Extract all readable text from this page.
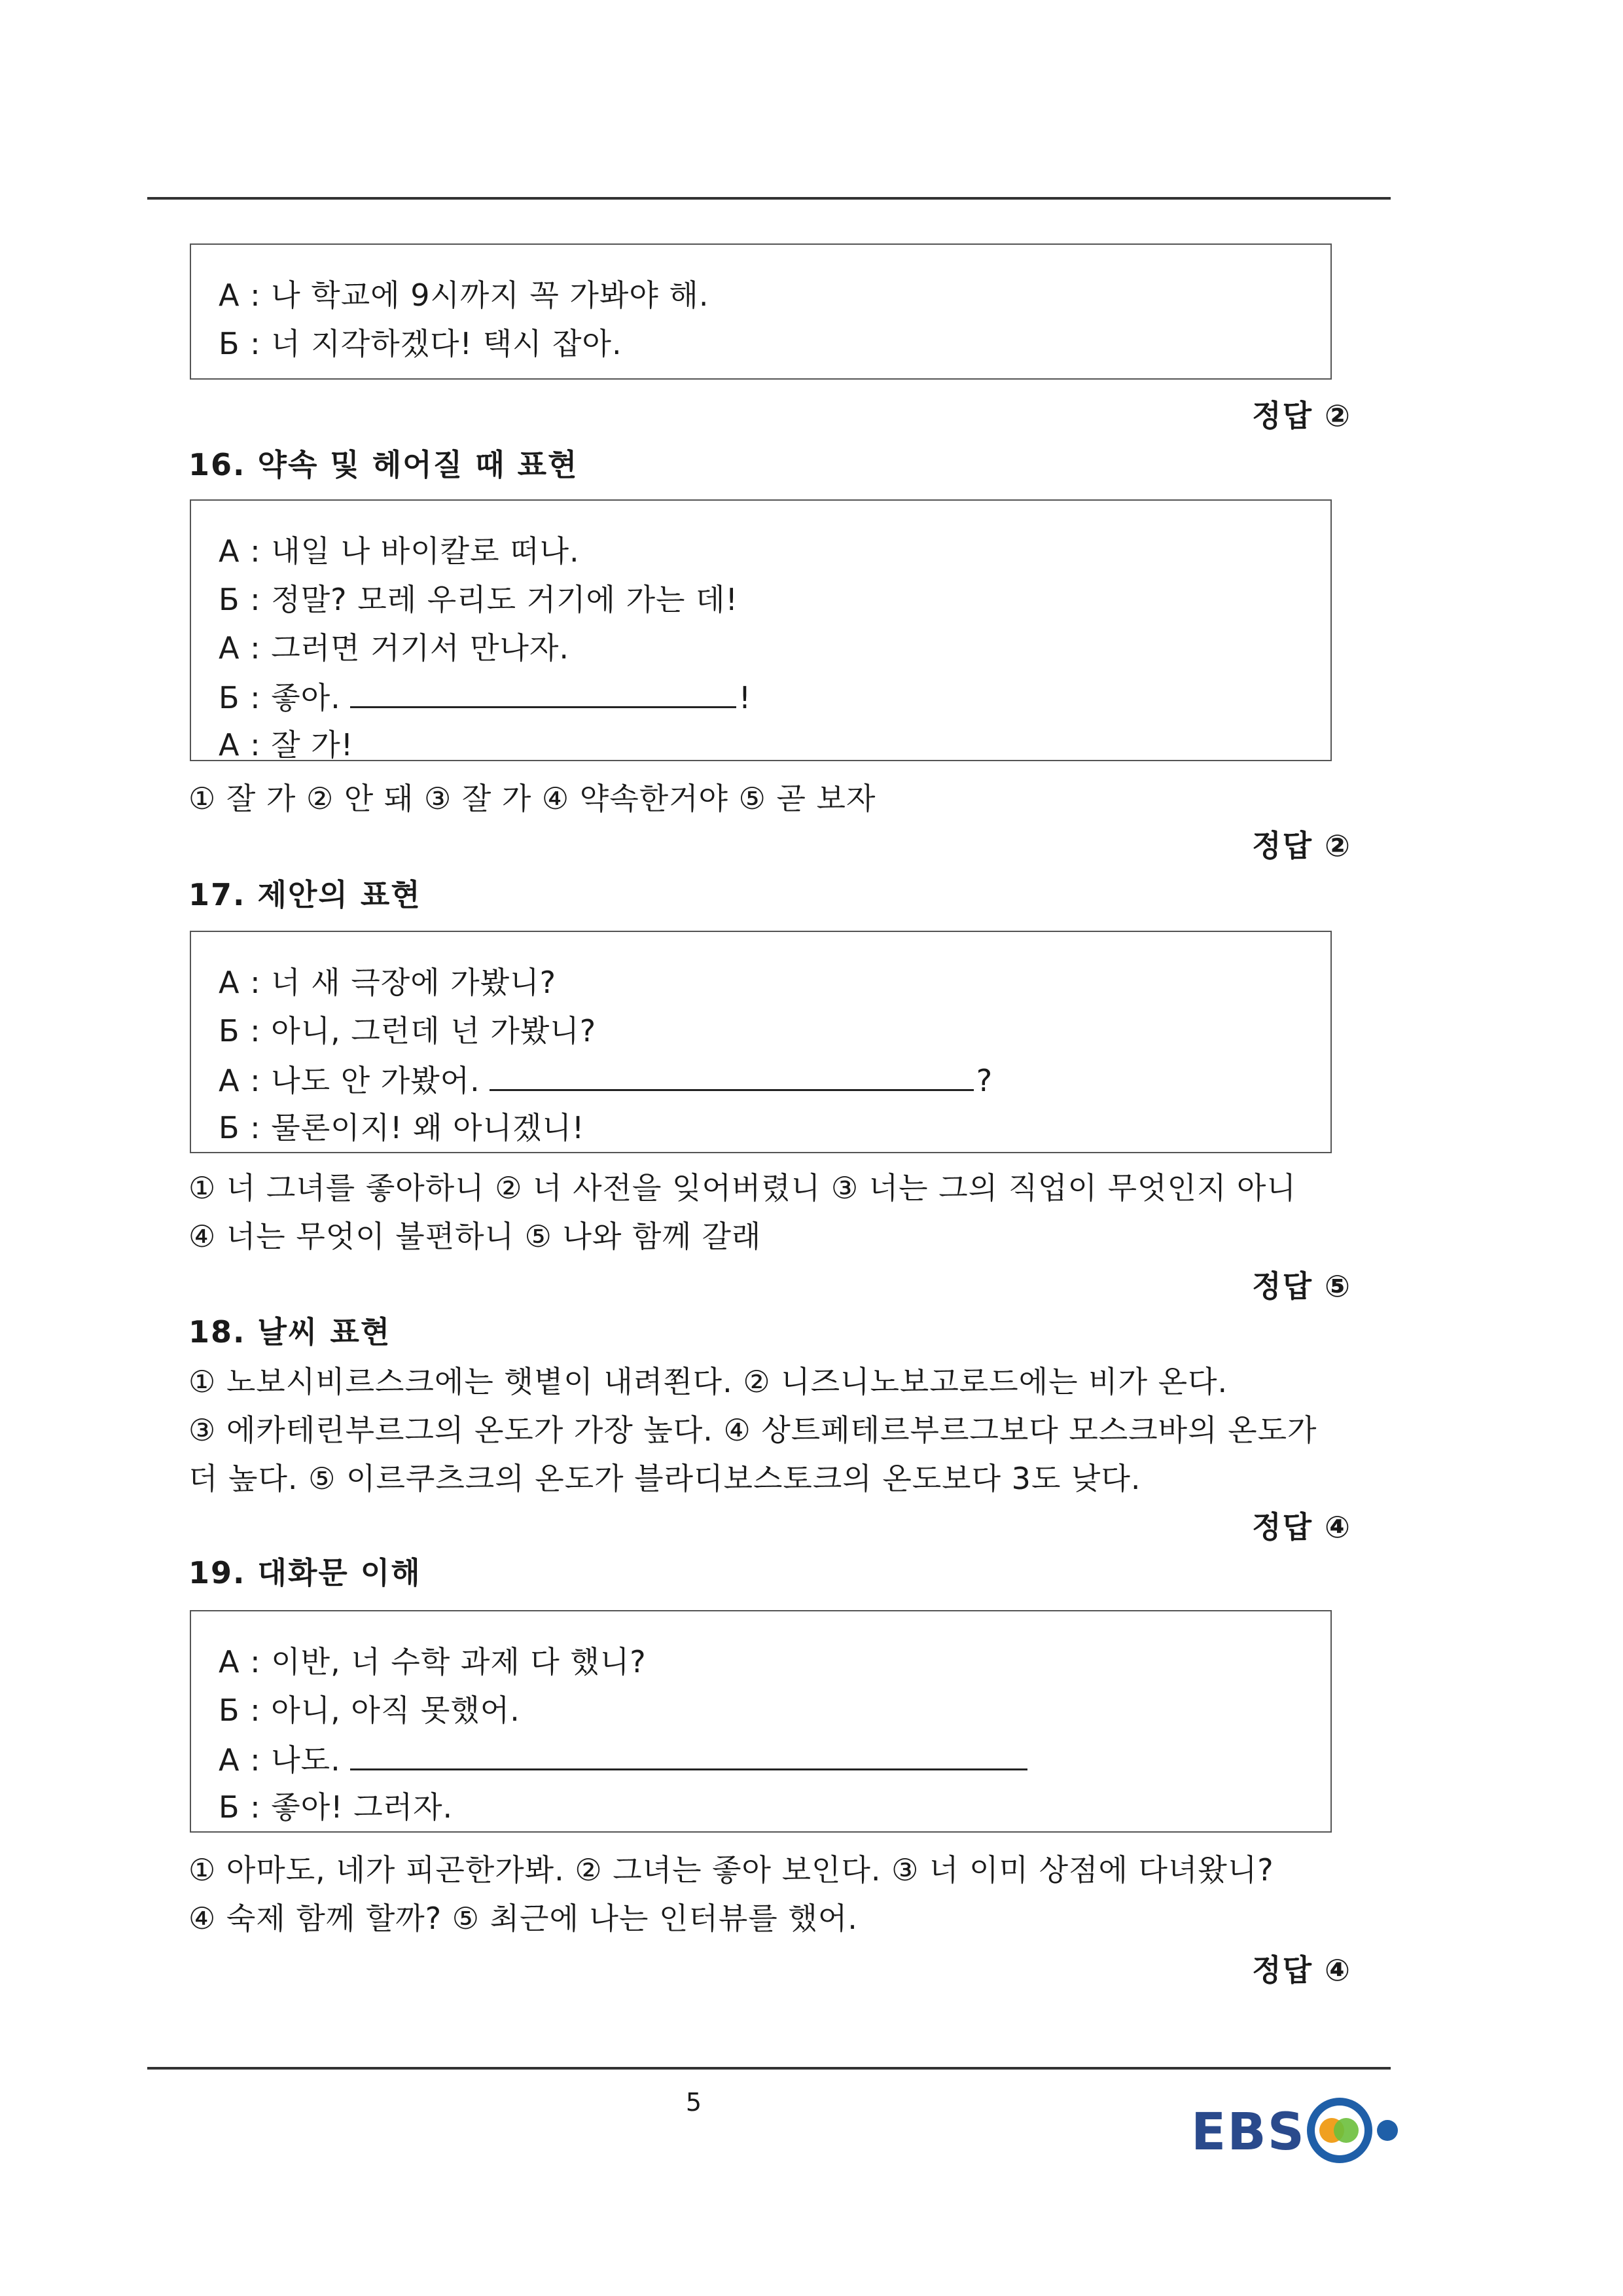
А : 나 학교에 9시까지 꼭 가봐야 해.
Б : 너 지각하겠다! 택시 잡아.
정답 ②
16. 약속 및 헤어질 때 표현
А : 내일 나 바이칼로 떠나.
Б : 정말? 모레 우리도 거기에 가는 데!
А : 그러면 거기서 만나자.
Б : 좋아.	!
А : 잘 가!
① 잘 가 ② 안 돼 ③ 잘 가 ④ 약속한거야 ⑤ 곧 보자
정답 ②
17. 제안의 표현
А : 너 새 극장에 가봤니?
Б : 아니, 그런데 넌 가봤니?
А : 나도 안 가봤어.	?
Б : 물론이지! 왜 아니겠니!
① 너 그녀를 좋아하니 ② 너 사전을 잊어버렸니 ③ 너는 그의 직업이 무엇인지 아니
④ 너는 무엇이 불편하니 ⑤ 나와 함께 갈래
정답 ⑤
18. 날씨 표현
① 노보시비르스크에는 햇볕이 내려쬔다. ② 니즈니노보고로드에는 비가 온다.
③ 에카테린부르그의 온도가 가장 높다. ④ 상트페테르부르그보다 모스크바의 온도가
더 높다. ⑤ 이르쿠츠크의 온도가 블라디보스토크의 온도보다 3도 낮다.
정답 ④
19. 대화문 이해
А : 이반, 너 수학 과제 다 했니?
Б : 아니, 아직 못했어.
А : 나도.
Б : 좋아! 그러자.
① 아마도, 네가 피곤한가봐. ② 그녀는 좋아 보인다. ③ 너 이미 상점에 다녀왔니?
④ 숙제 함께 할까? ⑤ 최근에 나는 인터뷰를 했어.
정답 ④
5
EBS
